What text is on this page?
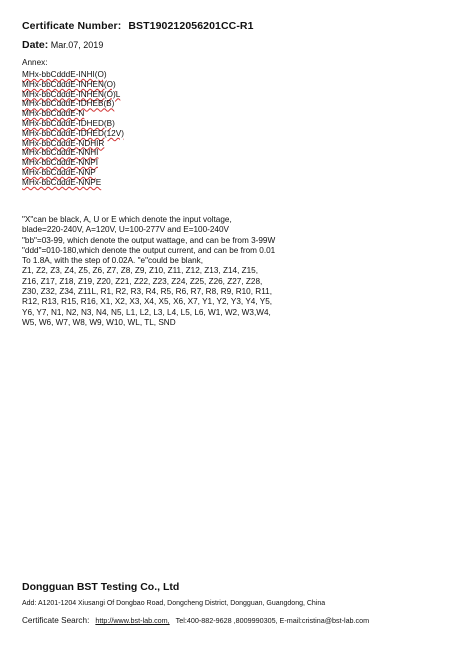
Certificate Number: BST190212056201CC-R1
Date: Mar.07, 2019
Annex:
MHx-bbCdddE-INHI(O)
MHx-bbCdddE-INHEN(O)
MHx-bbCdddE-INHEN(O)L
MHx-bbCdddE-IDHEB(B)
MHx-bbCdddE-N
MHx-bbCdddE-IDHED(B)
MHx-bbCdddE-IDHED(12V)
MHx-bbCdddE-NDHIR
MHx-bbCdddE-NNHI
MHx-bbCdddE-NNPI
MHx-bbCdddE-NNP
MHx-bbCdddE-NNPE

"X"can be black, A, U or E which denote the input voltage,

blade=220-240V, A=120V, U=100-277V and E=100-240V

"bb"=03-99, which denote the output wattage, and can be from 3-99W

"ddd"=010-180,which denote the output current, and can be from 0.01

To 1.8A, with the step of 0.02A. "e"could be blank,

Z1, Z2, Z3, Z4, Z5, Z6, Z7, Z8, Z9, Z10, Z11, Z12, Z13, Z14, Z15,

Z16, Z17, Z18, Z19, Z20, Z21, Z22, Z23, Z24, Z25, Z26, Z27, Z28,

Z30, Z32, Z34, Z11L, R1, R2, R3, R4, R5, R6, R7, R8, R9, R10, R11,

R12, R13, R15, R16, X1, X2, X3, X4, X5, X6, X7, Y1, Y2, Y3, Y4, Y5,

Y6, Y7, N1, N2, N3, N4, N5, L1, L2, L3, L4, L5, L6, W1, W2, W3,W4,

W5, W6, W7, W8, W9, W10, WL, TL, SND

Dongguan BST Testing Co., Ltd
Add: A1201-1204 Xiusangi Of Dongbao Road, Dongcheng District, Dongguan, Guangdong, China
Certificate Search: http://www.bst-lab.com, Tel:400-882-9628 ,8009990305, E-mail:cristina@bst-lab.com
